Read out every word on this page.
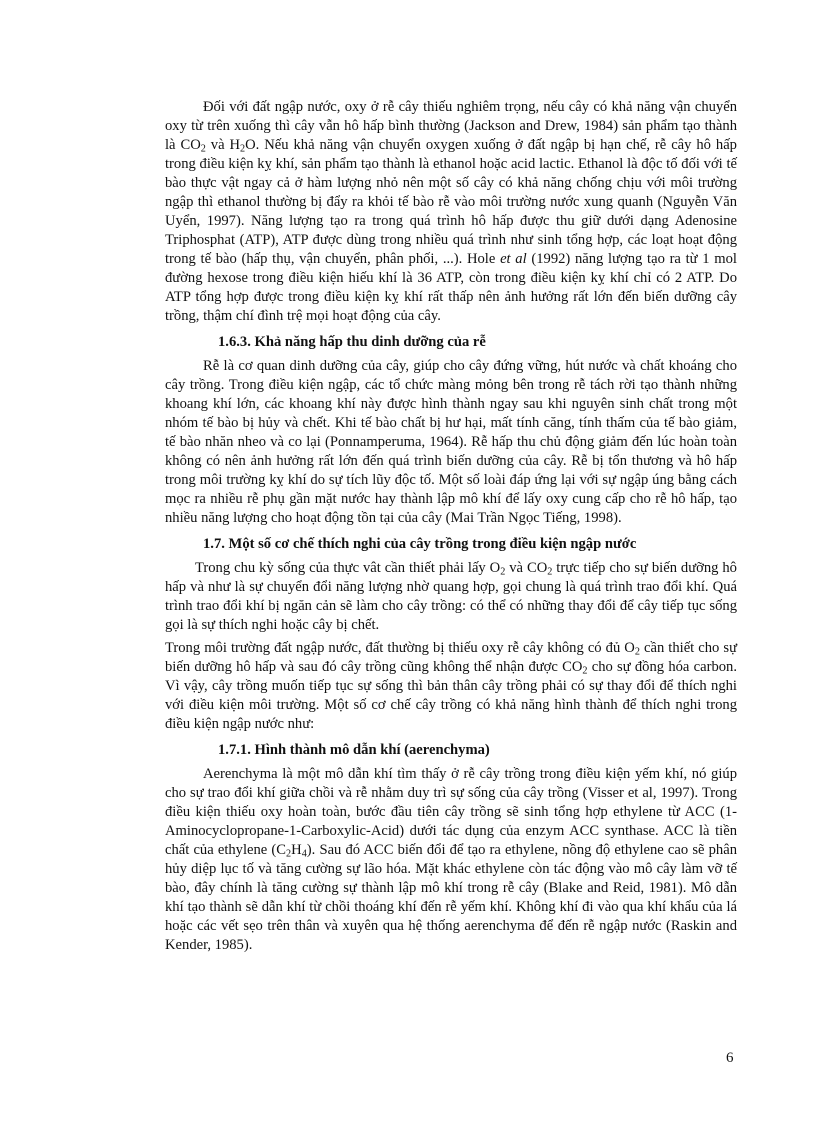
Đối với đất ngập nước, oxy ở rễ cây thiếu nghiêm trọng, nếu cây có khả năng vận chuyển oxy từ trên xuống thì cây vẫn hô hấp bình thường (Jackson and Drew, 1984) sản phẩm tạo thành là $CO_2$ và $H_2O$. Nếu khả năng vận chuyển oxygen xuống ở đất ngập bị hạn chế, rễ cây hô hấp trong điều kiện kỵ khí, sản phẩm tạo thành là ethanol hoặc acid lactic. Ethanol là độc tố đối với tế bào thực vật ngay cả ở hàm lượng nhỏ nên một số cây có khả năng chống chịu với môi trường ngập thì ethanol thường bị đẩy ra khỏi tế bào rễ vào môi trường nước xung quanh (Nguyễn Văn Uyển, 1997). Năng lượng tạo ra trong quá trình hô hấp được thu giữ dưới dạng Adenosine Triphosphat (ATP), ATP được dùng trong nhiều quá trình như sinh tổng hợp, các loạt hoạt động trong tế bào (hấp thụ, vận chuyển, phân phối, ...). Hole et al (1992) năng lượng tạo ra từ 1 mol đường hexose trong điều kiện hiếu khí là 36 ATP, còn trong điều kiện kỵ khí chỉ có 2 ATP. Do ATP tổng hợp được trong điều kiện kỵ khí rất thấp nên ảnh hưởng rất lớn đến biến dưỡng cây trồng, thậm chí đình trệ mọi hoạt động của cây.

1.6.3. Khả năng hấp thu dinh dưỡng của rễ

Rễ là cơ quan dinh dưỡng của cây, giúp cho cây đứng vững, hút nước và chất khoáng cho cây trồng. Trong điều kiện ngập, các tổ chức màng mỏng bên trong rễ tách rời tạo thành những khoang khí lớn, các khoang khí này được hình thành ngay sau khi nguyên sinh chất trong một nhóm tế bào bị hủy và chết. Khi tế bào chất bị hư hại, mất tính căng, tính thấm của tế bào giảm, tế bào nhăn nheo và co lại (Ponnamperuma, 1964). Rễ hấp thu chủ động giảm đến lúc hoàn toàn không có nên ảnh hưởng rất lớn đến quá trình biến dưỡng của cây. Rễ bị tổn thương và hô hấp trong môi trường kỵ khí do sự tích lũy độc tố. Một số loài đáp ứng lại với sự ngập úng bằng cách mọc ra nhiều rễ phụ gần mặt nước hay thành lập mô khí để lấy oxy cung cấp cho rễ hô hấp, tạo nhiều năng lượng cho hoạt động tồn tại của cây (Mai Trần Ngọc Tiếng, 1998).

1.7. Một số cơ chế thích nghi của cây trồng trong điều kiện ngập nước

Trong chu kỳ sống của thực vât cần thiết phải lấy $O_2$ và $CO_2$ trực tiếp cho sự biến dưỡng hô hấp và như là sự chuyển đổi năng lượng nhờ quang hợp, gọi chung là quá trình trao đổi khí. Quá trình trao đổi khí bị ngăn cản sẽ làm cho cây trồng: có thể có những thay đổi để cây tiếp tục sống gọi là sự thích nghi hoặc cây bị chết.

Trong môi trường đất ngập nước, đất thường bị thiếu oxy rễ cây không có đủ $O_2$ cần thiết cho sự biến dưỡng hô hấp và sau đó cây trồng cũng không thể nhận được $CO_2$ cho sự đồng hóa carbon. Vì vậy, cây trồng muốn tiếp tục sự sống thì bản thân cây trồng phải có sự thay đổi để thích nghi với điều kiện môi trường. Một số cơ chế cây trồng có khả năng hình thành để thích nghi trong điều kiện ngập nước như:

1.7.1. Hình thành mô dẫn khí (aerenchyma)

Aerenchyma là một mô dẫn khí tìm thấy ở rễ cây trồng trong điều kiện yếm khí, nó giúp cho sự trao đổi khí giữa chồi và rễ nhằm duy trì sự sống của cây trồng (Visser et al, 1997). Trong điều kiện thiếu oxy hoàn toàn, bước đầu tiên cây trồng sẽ sinh tổng hợp ethylene từ ACC (1-Aminocyclopropane-1-Carboxylic-Acid) dưới tác dụng của enzym ACC synthase. ACC là tiền chất của ethylene $(C_2H_4)$. Sau đó ACC biến đổi để tạo ra ethylene, nồng độ ethylene cao sẽ phân hủy diệp lục tố và tăng cường sự lão hóa. Mặt khác ethylene còn tác động vào mô cây làm vỡ tế bào, đây chính là tăng cường sự thành lập mô khí trong rễ cây (Blake and Reid, 1981). Mô dẫn khí tạo thành sẽ dẫn khí từ chồi thoáng khí đến rễ yếm khí. Không khí đi vào qua khí khẩu của lá hoặc các vết sẹo trên thân và xuyên qua hệ thống aerenchyma để đến rễ ngập nước (Raskin and Kender, 1985).

6
